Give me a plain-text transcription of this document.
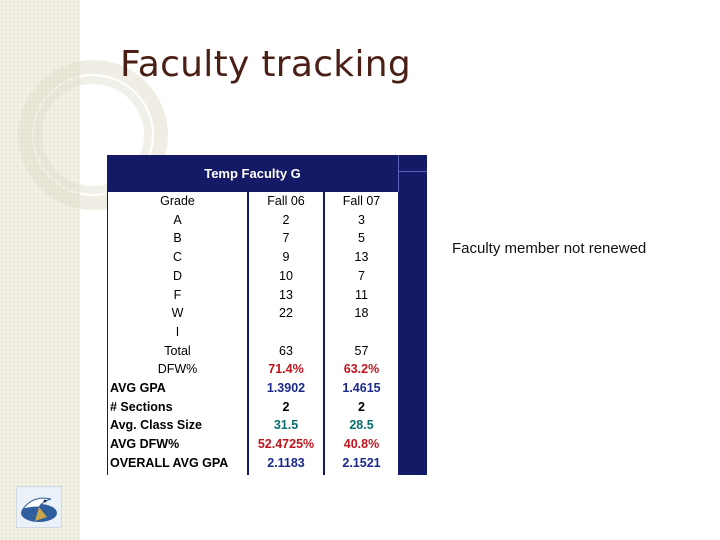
Faculty tracking
Temp Faculty G
Grade
A
B
C
D
F
W
I
Total
DFW%
AVG GPA
# Sections
Avg. Class Size
AVG DFW%
OVERALL AVG GPA
Fall 06
2
7
9
10
13
22
63
71.4%
1.3902
2
31.5
52.4725%
2.1183
Fall 07
3
5
13
7
11
18
57
63.2%
1.4615
2
28.5
40.8%
2.1521
Faculty member not renewed
